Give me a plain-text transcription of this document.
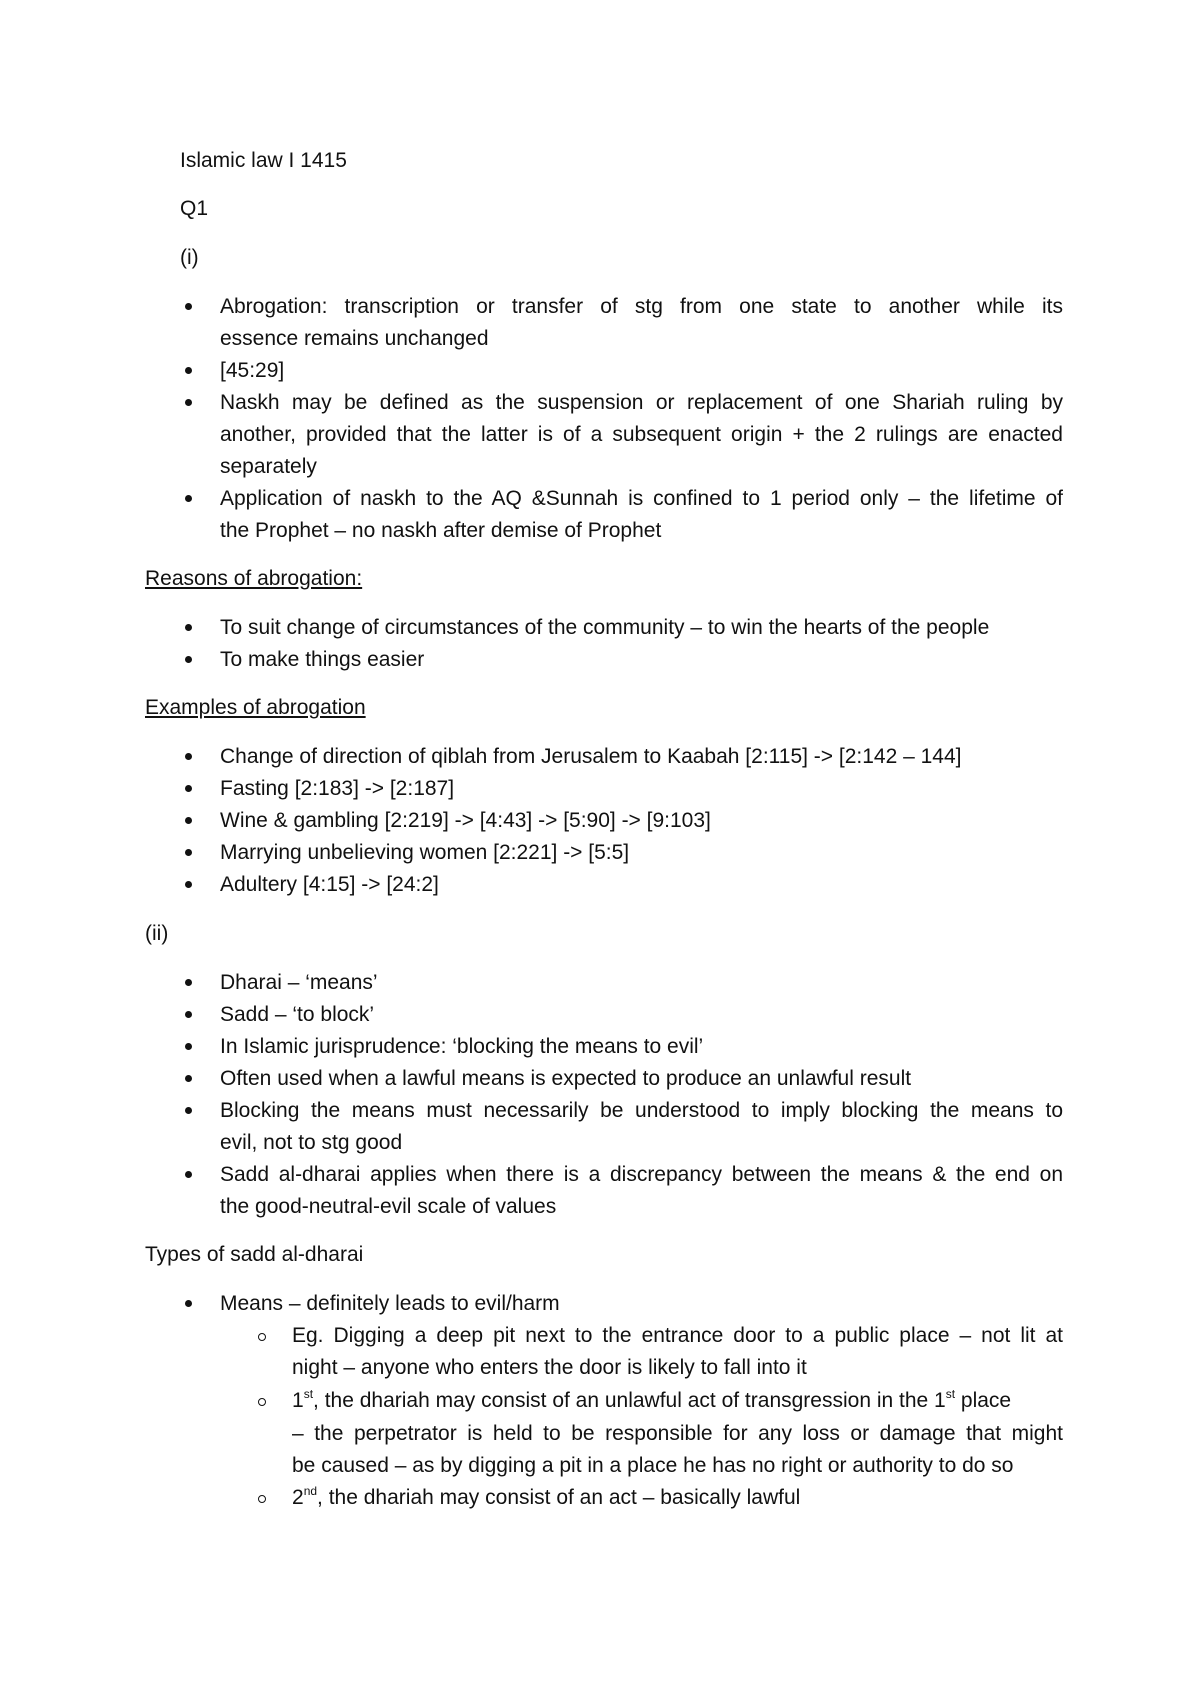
Islamic law I 1415
Q1
(i)
Abrogation: transcription or transfer of stg from one state to another while its
essence remains unchanged
[45:29]
Naskh may be defined as the suspension or replacement of one Shariah ruling by
another, provided that the latter is of a subsequent origin + the 2 rulings are enacted
separately
Application of naskh to the AQ &Sunnah is confined to 1 period only – the lifetime of
the Prophet – no naskh after demise of Prophet
Reasons of abrogation:
To suit change of circumstances of the community – to win the hearts of the people
To make things easier
Examples of abrogation
Change of direction of qiblah from Jerusalem to Kaabah [2:115] -> [2:142 – 144]
Fasting [2:183] -> [2:187]
Wine & gambling [2:219] -> [4:43] -> [5:90] -> [9:103]
Marrying unbelieving women [2:221] -> [5:5]
Adultery [4:15] -> [24:2]
(ii)
Dharai – ‘means’
Sadd – ‘to block’
In Islamic jurisprudence: ‘blocking the means to evil’
Often used when a lawful means is expected to produce an unlawful result
Blocking the means must necessarily be understood to imply blocking the means to
evil, not to stg good
Sadd al-dharai applies when there is a discrepancy between the means & the end on
the good-neutral-evil scale of values
Types of sadd al-dharai
Means – definitely leads to evil/harm
Eg. Digging a deep pit next to the entrance door to a public place – not lit at
night – anyone who enters the door is likely to fall into it
1st, the dhariah may consist of an unlawful act of transgression in the 1st place
– the perpetrator is held to be responsible for any loss or damage that might
be caused – as by digging a pit in a place he has no right or authority to do so
2nd, the dhariah may consist of an act – basically lawful
